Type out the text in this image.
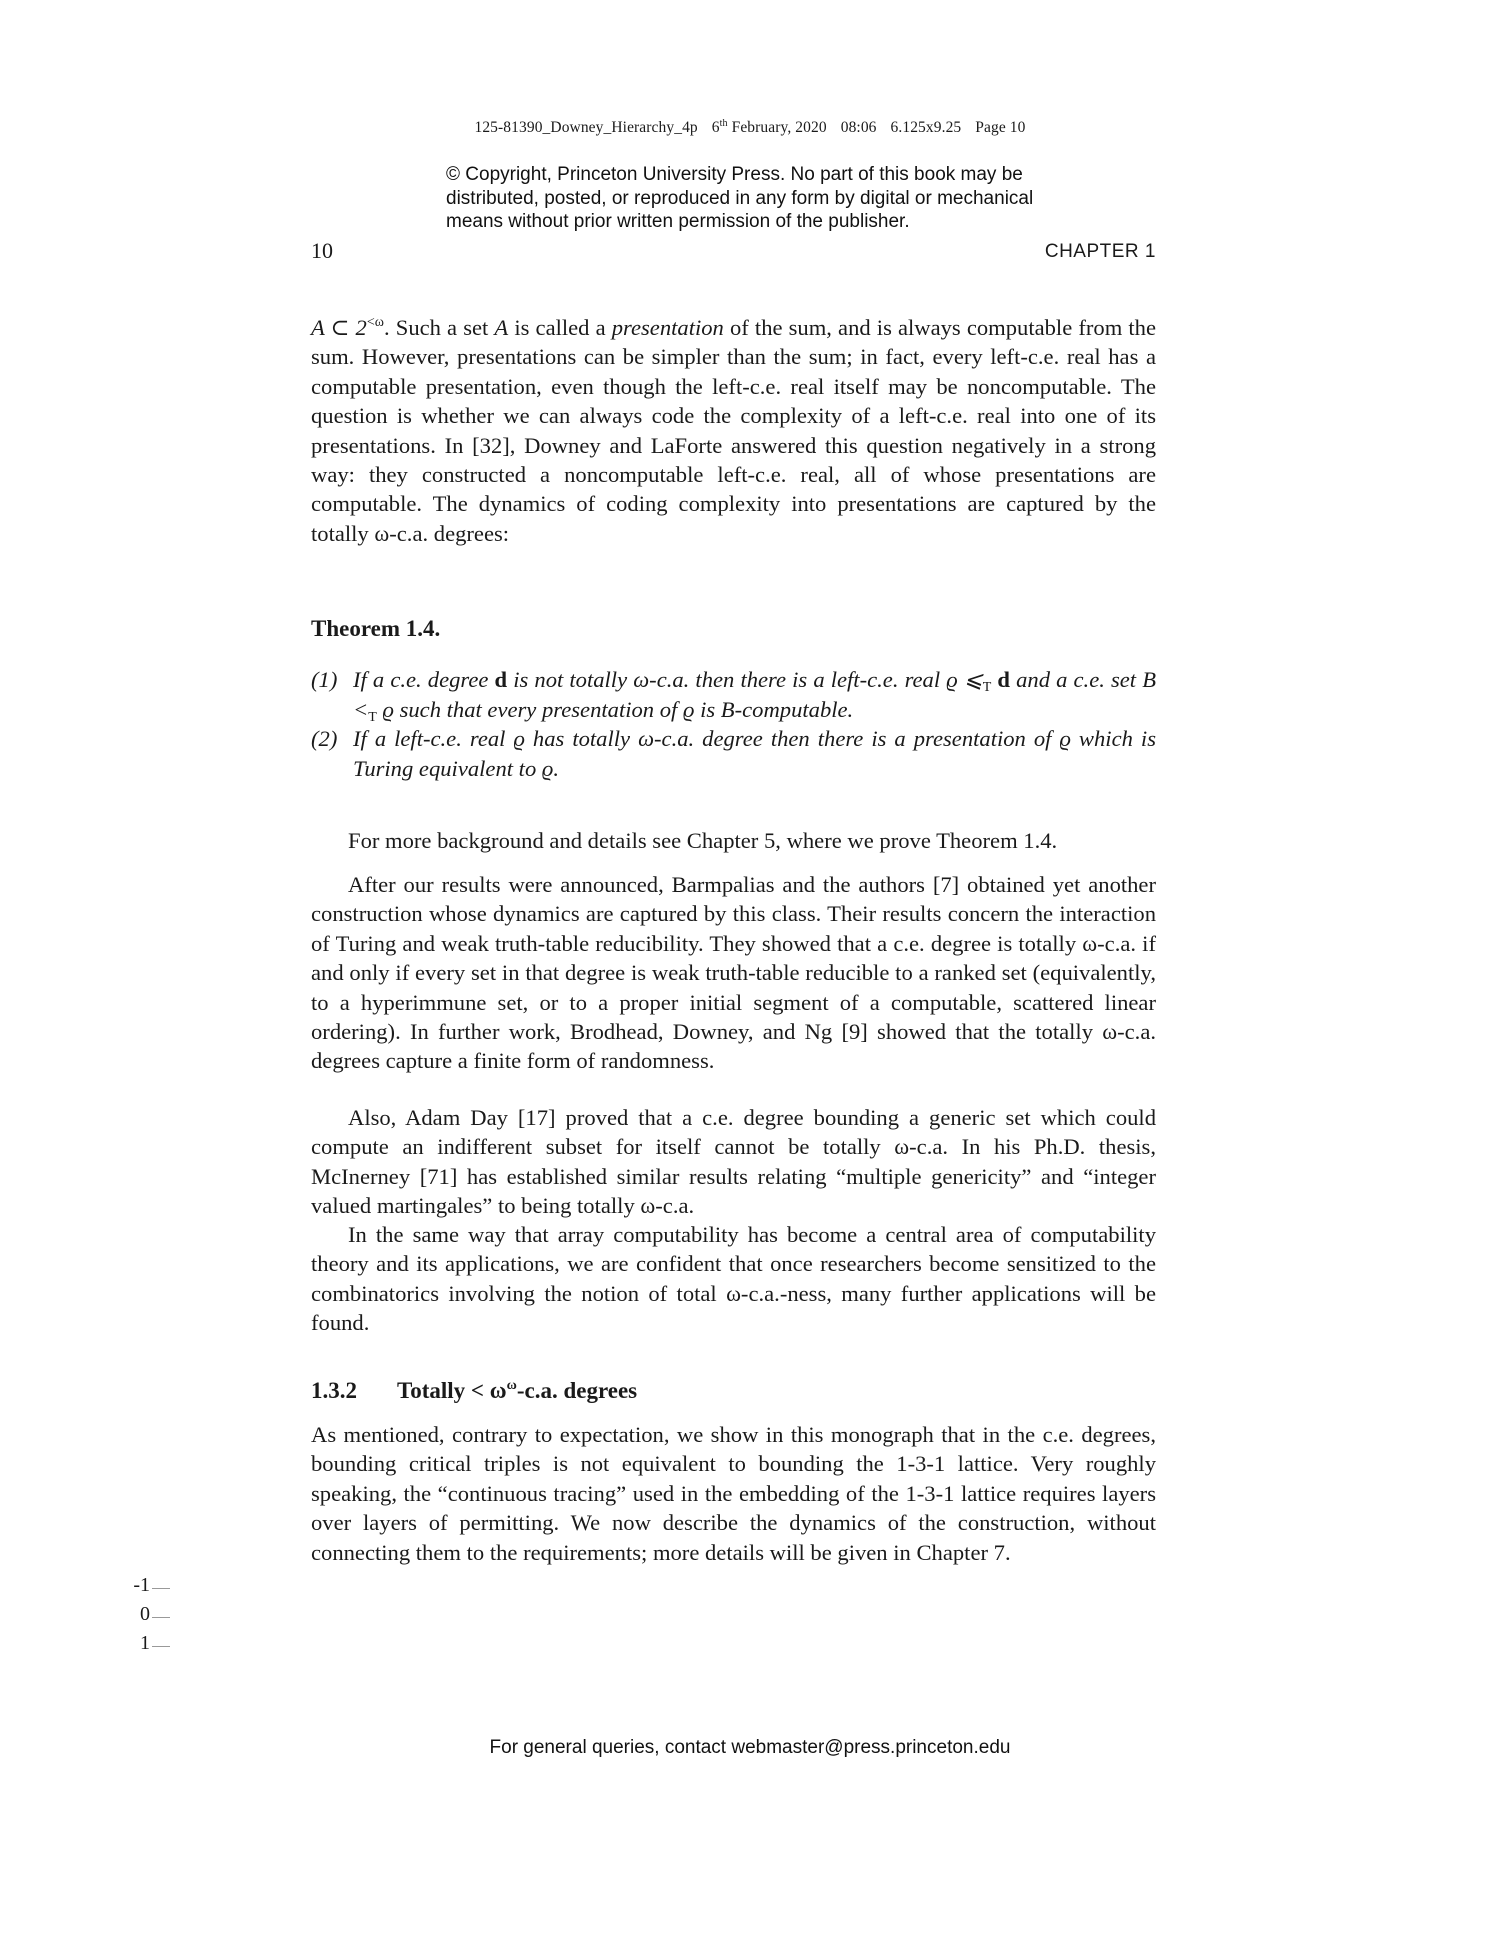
125-81390_Downey_Hierarchy_4p 6th February, 2020 08:06 6.125x9.25 Page 10
© Copyright, Princeton University Press. No part of this book may be
distributed, posted, or reproduced in any form by digital or mechanical
means without prior written permission of the publisher.
10	CHAPTER 1

A ⊂ $2^{<\omega}$. Such a set A is called a presentation of the sum, and is always computable from the sum. However, presentations can be simpler than the sum; in fact, every left-c.e. real has a computable presentation, even though the left-c.e. real itself may be noncomputable. The question is whether we can always code the complexity of a left-c.e. real into one of its presentations. In [32], Downey and LaForte answered this question negatively in a strong way: they constructed a noncomputable left-c.e. real, all of whose presentations are computable. The dynamics of coding complexity into presentations are captured by the totally ω-c.a. degrees:

Theorem 1.4.
(1) If a c.e. degree d is not totally ω-c.a. then there is a left-c.e. real ϱ $⩽_T$ d and a c.e. set $B <_T$ ϱ such that every presentation of ϱ is B-computable.
(2) If a left-c.e. real ϱ has totally ω-c.a. degree then there is a presentation of ϱ which is Turing equivalent to ϱ.

For more background and details see Chapter 5, where we prove Theorem 1.4.

After our results were announced, Barmpalias and the authors [7] obtained yet another construction whose dynamics are captured by this class. Their results concern the interaction of Turing and weak truth-table reducibility. They showed that a c.e. degree is totally ω-c.a. if and only if every set in that degree is weak truth-table reducible to a ranked set (equivalently, to a hyperimmune set, or to a proper initial segment of a computable, scattered linear ordering). In further work, Brodhead, Downey, and Ng [9] showed that the totally ω-c.a. degrees capture a finite form of randomness.

Also, Adam Day [17] proved that a c.e. degree bounding a generic set which could compute an indifferent subset for itself cannot be totally ω-c.a. In his Ph.D. thesis, McInerney [71] has established similar results relating “multiple genericity” and “integer valued martingales” to being totally ω-c.a.

In the same way that array computability has become a central area of computability theory and its applications, we are confident that once researchers become sensitized to the combinatorics involving the notion of total ω-c.a.-ness, many further applications will be found.

1.3.2 Totally < $\omega^\omega-c.a$. degrees

As mentioned, contrary to expectation, we show in this monograph that in the c.e. degrees, bounding critical triples is not equivalent to bounding the 1-3-1 lattice. Very roughly speaking, the “continuous tracing” used in the embedding of the 1-3-1 lattice requires layers over layers of permitting. We now describe the dynamics of the construction, without connecting them to the requirements; more details will be given in Chapter 7.

-1
0
1
For general queries, contact webmaster@press.princeton.edu
